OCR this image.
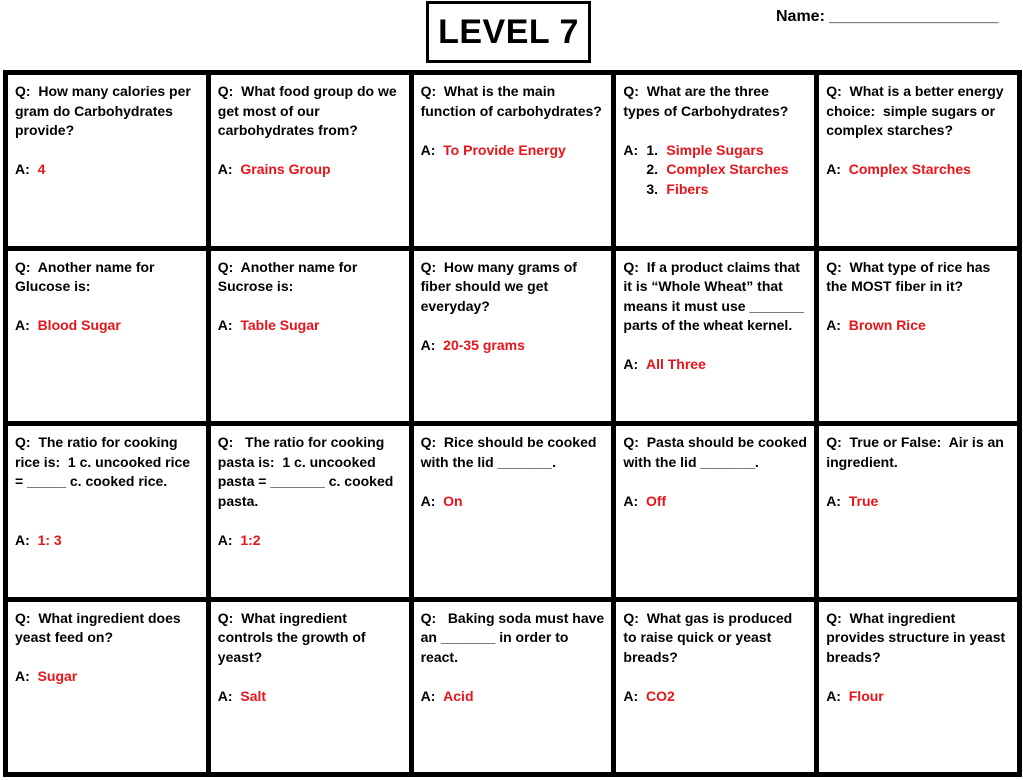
LEVEL 7	Name: ___________________
Q:  How many calories per gram do Carbohydrates provide?
A: 4
Q:  What food group do we get most of our carbohydrates from?
A: Grains Group
Q:  What is the main function of carbohydrates?
A: To Provide Energy
Q:  What are the three types of Carbohydrates?
A: 1. Simple Sugars
2. Complex Starches
3. Fibers
Q:  What is a better energy choice:  simple sugars or complex starches?
A: Complex Starches
Q:  Another name for Glucose is:
A: Blood Sugar
Q:  Another name for Sucrose is:
A: Table Sugar
Q:  How many grams of fiber should we get everyday?
A: 20-35 grams
Q:  If a product claims that it is “Whole Wheat” that means it must use _______ parts of the wheat kernel.
A: All Three
Q:  What type of rice has the MOST fiber in it?
A: Brown Rice
Q:  The ratio for cooking rice is:  1 c. uncooked rice = _____ c. cooked rice.
A: 1: 3
Q:   The ratio for cooking pasta is:  1 c. uncooked pasta = _______ c. cooked pasta.
A: 1:2
Q:  Rice should be cooked with the lid _______.
A: On
Q:  Pasta should be cooked with the lid _______.
A: Off
Q:  True or False:  Air is an ingredient.
A: True
Q:  What ingredient does yeast feed on?
A: Sugar
Q:  What ingredient controls the growth of yeast?
A: Salt
Q:   Baking soda must have an _______ in order to react.
A: Acid
Q:  What gas is produced to raise quick or yeast breads?
A: CO2
Q:  What ingredient provides structure in yeast breads?
A: Flour
